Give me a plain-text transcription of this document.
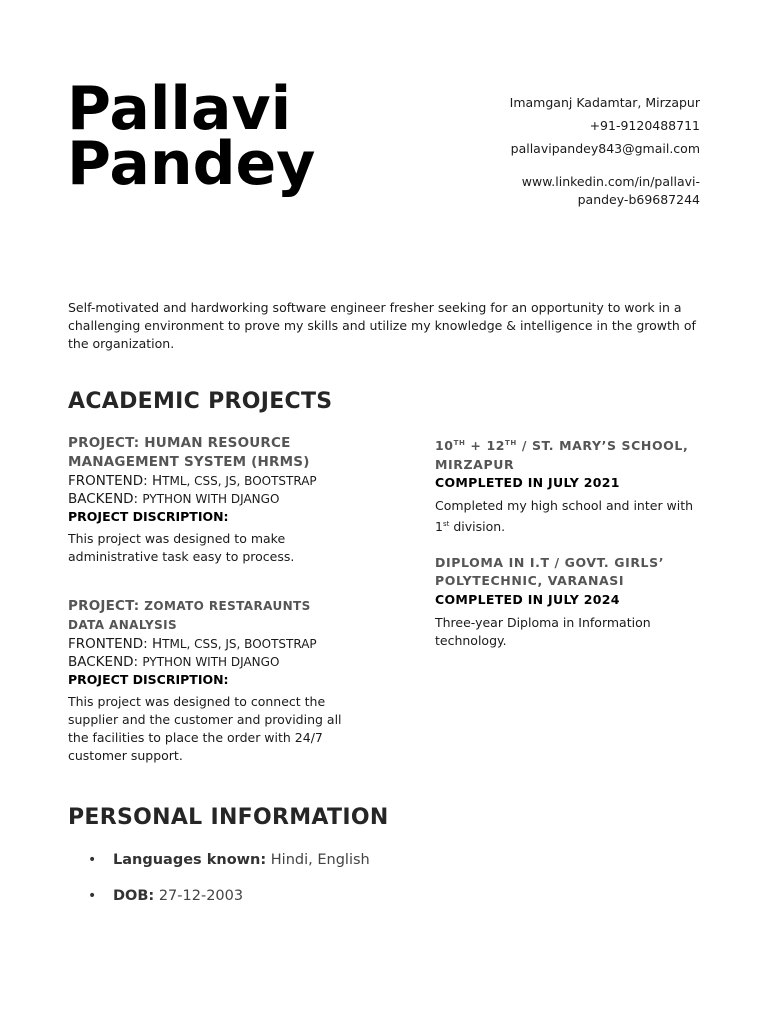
Pallavi
Pandey
Imamganj Kadamtar, Mirzapur
+91-9120488711
pallavipandey843@gmail.com
www.linkedin.com/in/pallavi-
pandey-b69687244

Self-motivated and hardworking software engineer fresher seeking for an opportunity to work in a challenging environment to prove my skills and utilize my knowledge & intelligence in the growth of the organization.

ACADEMIC PROJECTS
PROJECT: HUMAN RESOURCE
MANAGEMENT SYSTEM (HRMS)
FRONTEND: HTML, CSS, JS, BOOTSTRAP
BACKEND: PYTHON WITH DJANGO
PROJECT DISCRIPTION:
This project was designed to make administrative task easy to process.
PROJECT: ZOMATO RESTARAUNTS
DATA ANALYSIS
FRONTEND: HTML, CSS, JS, BOOTSTRAP
BACKEND: PYTHON WITH DJANGO
PROJECT DISCRIPTION:
This project was designed to connect the supplier and the customer and providing all the facilities to place the order with 24/7 customer support.
10TH + 12TH / ST. MARY’S SCHOOL,
MIRZAPUR
COMPLETED IN JULY 2021
Completed my high school and inter with
1st division.
DIPLOMA IN I.T / GOVT. GIRLS’
POLYTECHNIC, VARANASI
COMPLETED IN JULY 2024
Three-year Diploma in Information technology.
PERSONAL INFORMATION
• Languages known: Hindi, English
• DOB: 27-12-2003
